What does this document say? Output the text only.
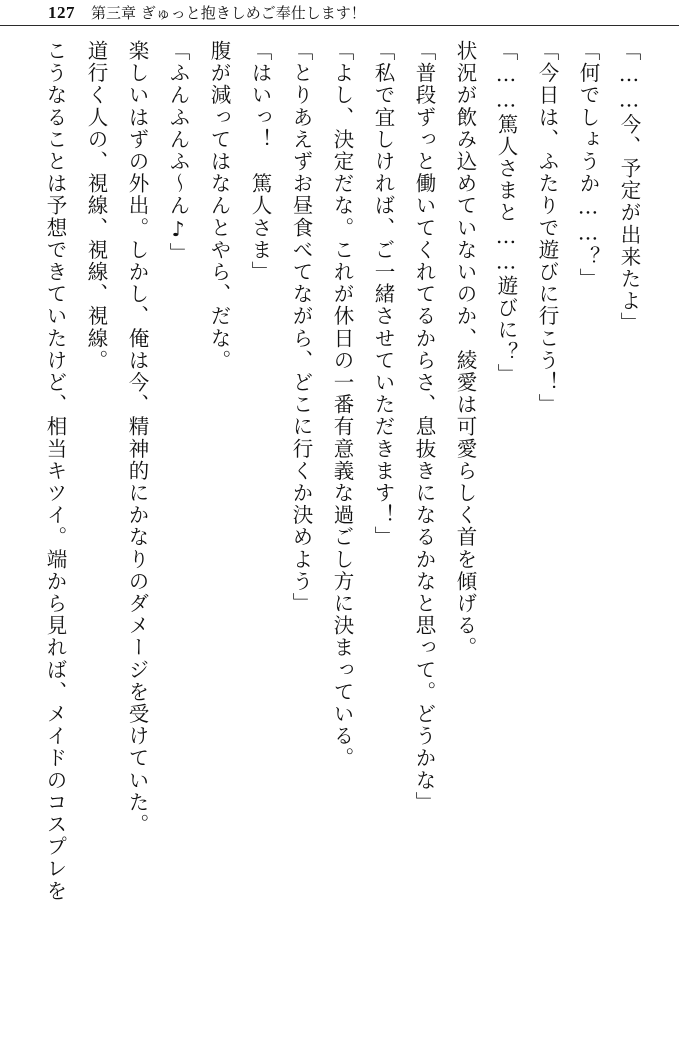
127 第三章 ぎゅっと抱きしめご奉仕します！

「……今、予定が出来たよ」

「何でしょうか……？」

「今日は、ふたりで遊びに行こう！」

「……篤人さまと……遊びに？」

状況が飲み込めていないのか、綾愛は可愛らしく首を傾げる。

「普段ずっと働いてくれてるからさ、息抜きになるかなと思って。どうかな」

「私で宜しければ、ご一緒させていただきます！」

「よし、決定だな。これが休日の一番有意義な過ごし方に決まっている。

「とりあえずお昼食べてながら、どこに行くか決めよう」

「はいっ！　篤人さま」

腹が減ってはなんとやら、だな。

「ふんふんふ～ん♪」

楽しいはずの外出。しかし、俺は今、精神的にかなりのダメージを受けていた。

道行く人の、視線、視線、視線。

こうなることは予想できていたけど、相当キツイ。端から見れば、メイドのコスプレを
